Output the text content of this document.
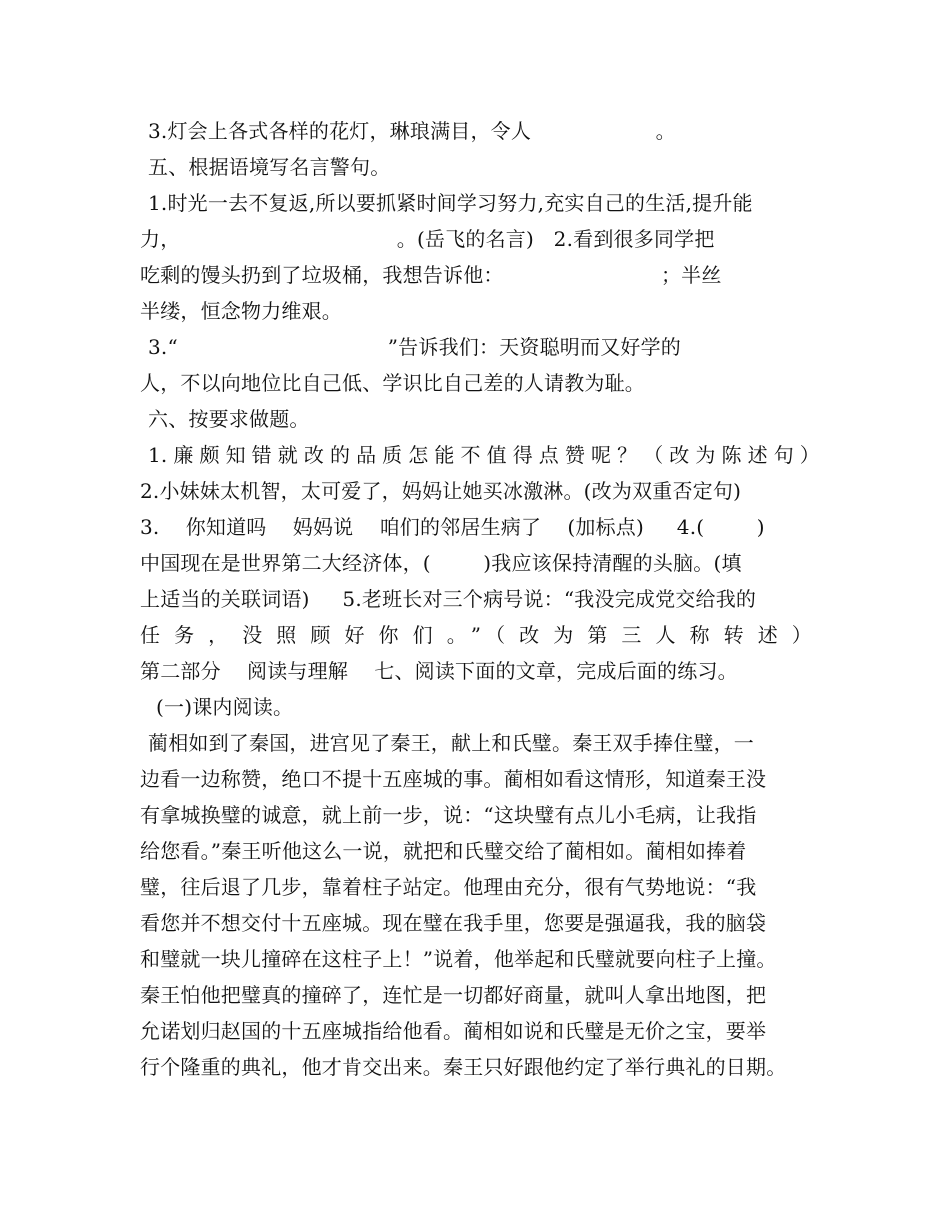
3.灯会上各式各样的花灯，琳琅满目，令人                   。
五、根据语境写名言警句。
1.时光一去不复返,所以要抓紧时间学习努力,充实自己的生活,提升能
力，                                 。(岳飞的名言)   2.看到很多同学把
吃剩的馒头扔到了垃圾桶，我想告诉他：                        ；半丝
半缕，恒念物力维艰。
3.“                                ”告诉我们：天资聪明而又好学的
人，不以向地位比自己低、学识比自己差的人请教为耻。
六、按要求做题。
1.廉颇知错就改的品质怎能不值得点赞呢？（改为陈述句）
2.小妹妹太机智，太可爱了，妈妈让她买冰激淋。(改为双重否定句)
3.    你知道吗    妈妈说    咱们的邻居生病了    (加标点)     4.(        )
中国现在是世界第二大经济体，(        )我应该保持清醒的头脑。(填
上适当的关联词语)     5.老班长对三个病号说：“我没完成党交给我的
任务，没照顾好你们。”（改为第三人称转述）
第二部分    阅读与理解    七、阅读下面的文章，完成后面的练习。
(一)课内阅读。
蔺相如到了秦国，进宫见了秦王，献上和氏璧。秦王双手捧住璧，一
边看一边称赞，绝口不提十五座城的事。蔺相如看这情形，知道秦王没
有拿城换璧的诚意，就上前一步，说：“这块璧有点儿小毛病，让我指
给您看。”秦王听他这么一说，就把和氏璧交给了蔺相如。蔺相如捧着
璧，往后退了几步，靠着柱子站定。他理由充分，很有气势地说：“我
看您并不想交付十五座城。现在璧在我手里，您要是强逼我，我的脑袋
和璧就一块儿撞碎在这柱子上！”说着，他举起和氏璧就要向柱子上撞。
秦王怕他把璧真的撞碎了，连忙是一切都好商量，就叫人拿出地图，把
允诺划归赵国的十五座城指给他看。蔺相如说和氏璧是无价之宝，要举
行个隆重的典礼，他才肯交出来。秦王只好跟他约定了举行典礼的日期。
